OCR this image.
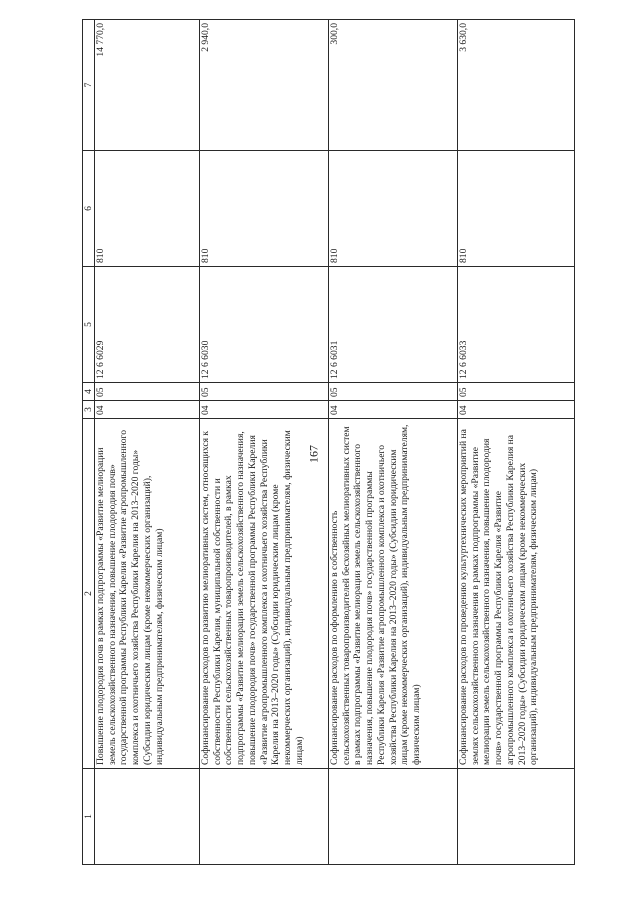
167
1	2	3	4	5	6	7
	Повышение плодородия почв в рамках подпрограммы «Развитие мелиорации земель сельскохозяйственного назначения, повышение плодородия почв» государственной программы Республики Карелия «Развитие агропромышленного комплекса и охотничьего хозяйства Республики Карелия на 2013–2020 годы» (Субсидии юридическим лицам (кроме некоммерческих организаций), индивидуальным предпринимателям, физическим лицам)	04	05	12 6 6029	810	14 770,0
	Софинансирование расходов по развитию мелиоративных систем, относящихся к собственности Республики Карелия, муниципальной собственности и собственности сельскохозяйственных товаропроизводителей, в рамках подпрограммы «Развитие мелиорации земель сельскохозяйственного назначения, повышение плодородия почв» государственной программы Республики Карелия «Развитие агропромышленного комплекса и охотничьего хозяйства Республики Карелия на 2013–2020 годы» (Субсидии юридическим лицам (кроме некоммерческих организаций), индивидуальным предпринимателям, физическим лицам)	04	05	12 6 6030	810	2 940,0
	Софинансирование расходов по оформлению в собственность сельскохозяйственных товаропроизводителей бесхозяйных мелиоративных систем в рамках подпрограммы «Развитие мелиорации земель сельскохозяйственного назначения, повышение плодородия почв» государственной программы Республики Карелия «Развитие агропромышленного комплекса и охотничьего хозяйства Республики Карелия на 2013–2020 годы» (Субсидии юридическим лицам (кроме некоммерческих организаций), индивидуальным предпринимателям, физическим лицам)	04	05	12 6 6031	810	300,0
	Софинансирование расходов по проведению культуртехнических мероприятий на землях сельскохозяйственного назначения в рамках подпрограммы «Развитие мелиорации земель сельскохозяйственного назначения, повышение плодородия почв» государственной программы Республики Карелия «Развитие агропромышленного комплекса и охотничьего хозяйства Республики Карелия на 2013–2020 годы» (Субсидии юридическим лицам (кроме некоммерческих организаций), индивидуальным предпринимателям, физическим лицам)	04	05	12 6 6033	810	3 630,0
